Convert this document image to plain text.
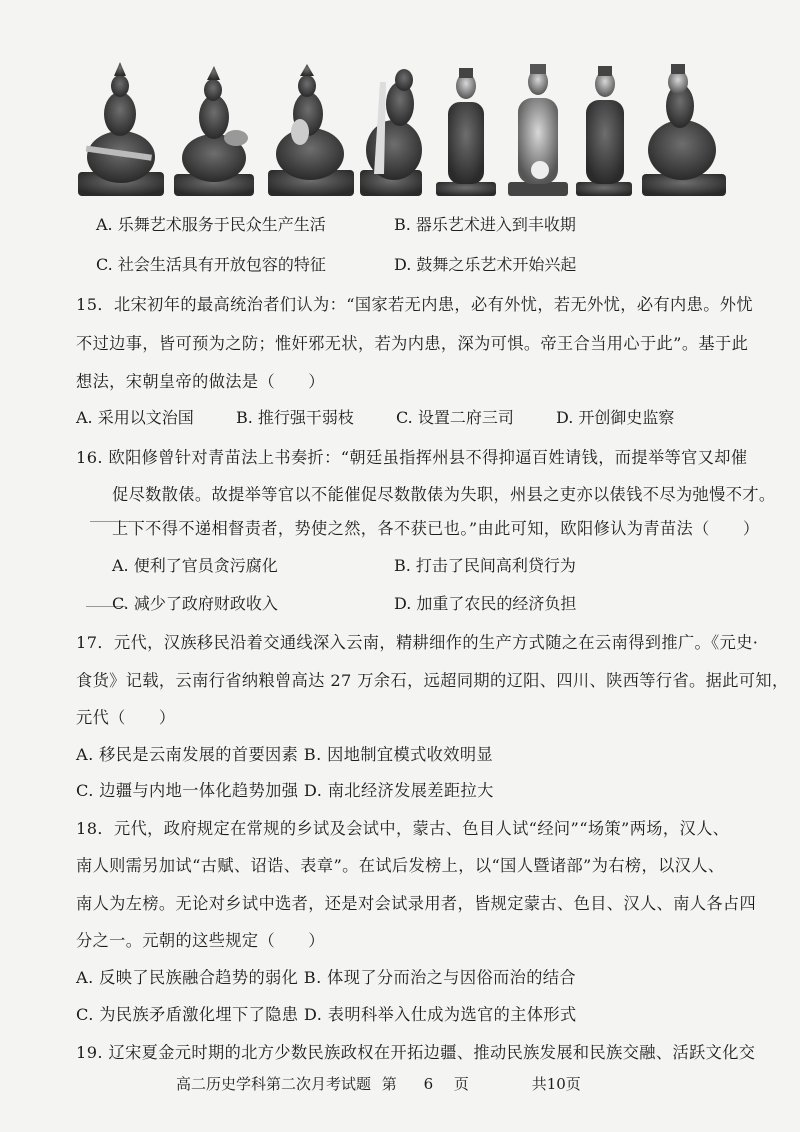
A. 乐舞艺术服务于民众生产生活	B. 器乐艺术进入到丰收期
C. 社会生活具有开放包容的特征	D. 鼓舞之乐艺术开始兴起
15．北宋初年的最高统治者们认为：“国家若无内患，必有外忧，若无外忧，必有内患。外忧
不过边事，皆可预为之防；惟奸邪无状，若为内患，深为可惧。帝王合当用心于此”。基于此
想法，宋朝皇帝的做法是（　　）
A. 采用以文治国	B. 推行强干弱枝	C. 设置二府三司	D. 开创御史监察
16. 欧阳修曾针对青苗法上书奏折：“朝廷虽指挥州县不得抑逼百姓请钱，而提举等官又却催
促尽数散俵。故提举等官以不能催促尽数散俵为失职，州县之吏亦以俵钱不尽为弛慢不才。
上下不得不递相督责者，势使之然，各不获已也。”由此可知，欧阳修认为青苗法（　　）
A. 便利了官员贪污腐化	B. 打击了民间高利贷行为
C. 减少了政府财政收入	D. 加重了农民的经济负担
17．元代，汉族移民沿着交通线深入云南，精耕细作的生产方式随之在云南得到推广。《元史·
食货》记载，云南行省纳粮曾高达 27 万余石，远超同期的辽阳、四川、陕西等行省。据此可知，
元代（　　）
A. 移民是云南发展的首要因素 B. 因地制宜模式收效明显
C. 边疆与内地一体化趋势加强 D. 南北经济发展差距拉大
18．元代，政府规定在常规的乡试及会试中，蒙古、色目人试“经问”“场策”两场，汉人、
南人则需另加试“古赋、诏诰、表章”。在试后发榜上，以“国人暨诸部”为右榜，以汉人、
南人为左榜。无论对乡试中选者，还是对会试录用者，皆规定蒙古、色目、汉人、南人各占四
分之一。元朝的这些规定（　　）
A. 反映了民族融合趋势的弱化 B. 体现了分而治之与因俗而治的结合
C. 为民族矛盾激化埋下了隐患 D. 表明科举入仕成为选官的主体形式
19. 辽宋夏金元时期的北方少数民族政权在开拓边疆、推动民族发展和民族交融、活跃文化交
高二历史学科第二次月考试题 第 6 页	共10页
